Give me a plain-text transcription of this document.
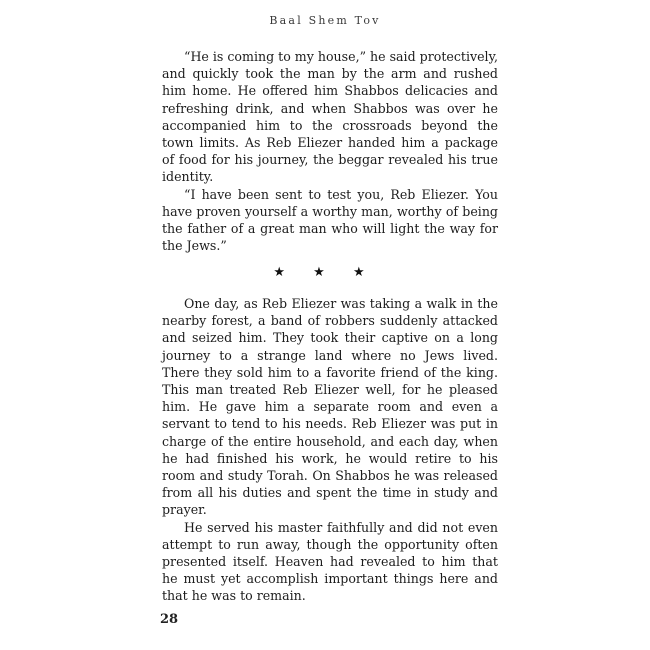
Baal Shem Tov

“He is coming to my house,” he said protectively, and quickly took the man by the arm and rushed him home. He offered him Shabbos delicacies and refreshing drink, and when Shabbos was over he accompanied him to the crossroads beyond the town limits. As Reb Eliezer handed him a package of food for his journey, the beggar revealed his true identity.

“I have been sent to test you, Reb Eliezer. You have proven yourself a worthy man, worthy of being the father of a great man who will light the way for the Jews.”

★ ★ ★

One day, as Reb Eliezer was taking a walk in the nearby forest, a band of robbers suddenly attacked and seized him. They took their captive on a long journey to a strange land where no Jews lived. There they sold him to a favorite friend of the king. This man treated Reb Eliezer well, for he pleased him. He gave him a separate room and even a servant to tend to his needs. Reb Eliezer was put in charge of the entire household, and each day, when he had finished his work, he would retire to his room and study Torah. On Shabbos he was released from all his duties and spent the time in study and prayer.

He served his master faithfully and did not even attempt to run away, though the opportunity often presented itself. Heaven had revealed to him that he must yet accomplish important things here and that he was to remain.

28
